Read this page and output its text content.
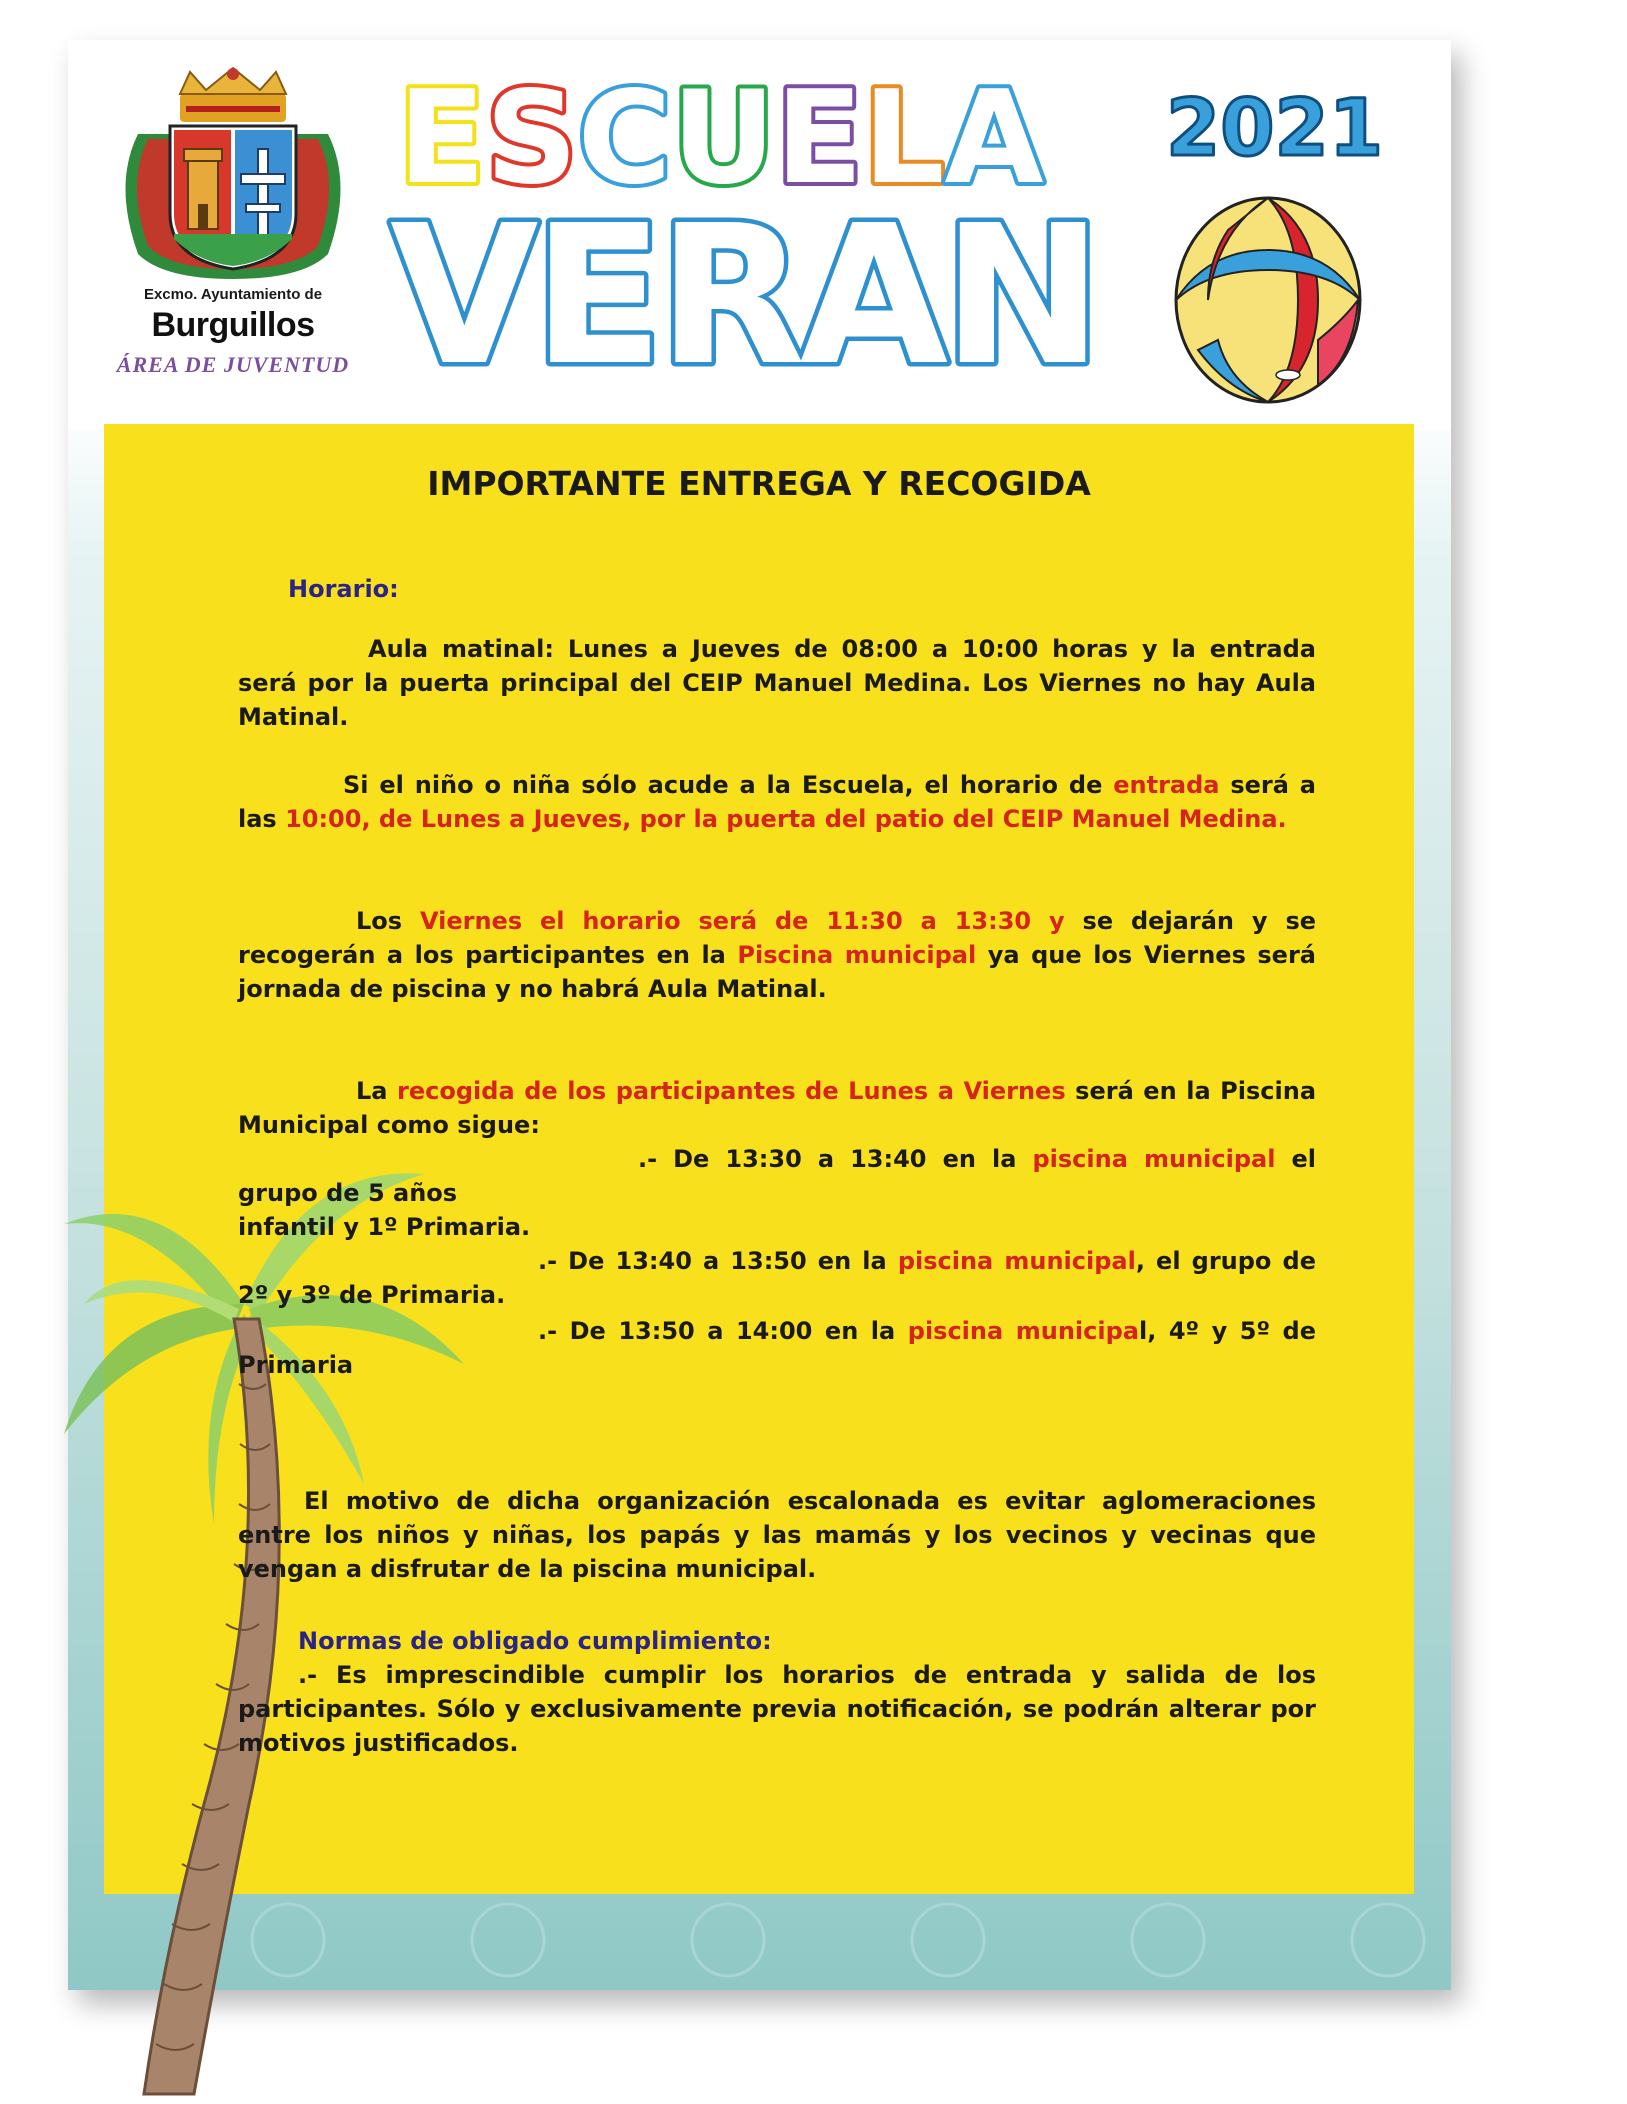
Excmo. Ayuntamiento de
Burguillos
ÁREA DE JUVENTUD
ESCUELA 2021
VERAN
IMPORTANTE ENTREGA Y RECOGIDA
Horario:
Aula matinal: Lunes a Jueves de 08:00 a 10:00 horas y la entrada será por la puerta principal del CEIP Manuel Medina. Los Viernes no hay Aula Matinal.
Si el niño o niña sólo acude a la Escuela, el horario de entrada será a las 10:00, de Lunes a Jueves, por la puerta del patio del CEIP Manuel Medina.
Los Viernes el horario será de 11:30 a 13:30 y se dejarán y se recogerán a los participantes en la Piscina municipal ya que los Viernes será jornada de piscina y no habrá Aula Matinal.
La recogida de los participantes de Lunes a Viernes será en la Piscina Municipal como sigue:
.- De 13:30 a 13:40 en la piscina municipal el
grupo de 5 años
infantil y 1º Primaria.
.- De 13:40 a 13:50 en la piscina municipal, el grupo de
2º y 3º de Primaria.
.- De 13:50 a 14:00 en la piscina municipal, 4º y 5º de
Primaria
El motivo de dicha organización escalonada es evitar aglomeraciones entre los niños y niñas, los papás y las mamás y los vecinos y vecinas que vengan a disfrutar de la piscina municipal.
Normas de obligado cumplimiento:
.- Es imprescindible cumplir los horarios de entrada y salida de los participantes. Sólo y exclusivamente previa notificación, se podrán alterar por motivos justificados.
